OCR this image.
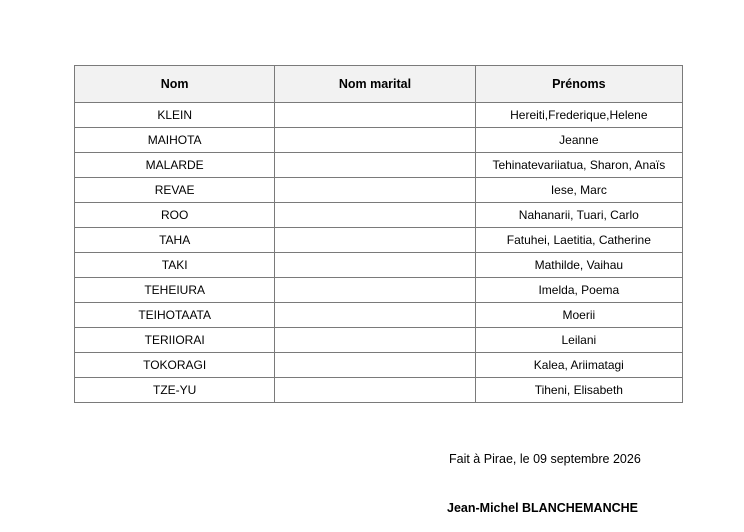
Nom	Nom marital	Prénoms
KLEIN		Hereiti,Frederique,Helene
MAIHOTA		Jeanne
MALARDE		Tehinatevariiatua, Sharon, Anaïs
REVAE		Iese, Marc
ROO		Nahanarii, Tuari, Carlo
TAHA		Fatuhei, Laetitia, Catherine
TAKI		Mathilde, Vaihau
TEHEIURA		Imelda, Poema
TEIHOTAATA		Moerii
TERIIORAI		Leilani
TOKORAGI		Kalea, Ariimatagi
TZE-YU		Tiheni, Elisabeth
Fait à Pirae, le 09 septembre 2026
Jean-Michel BLANCHEMANCHE
